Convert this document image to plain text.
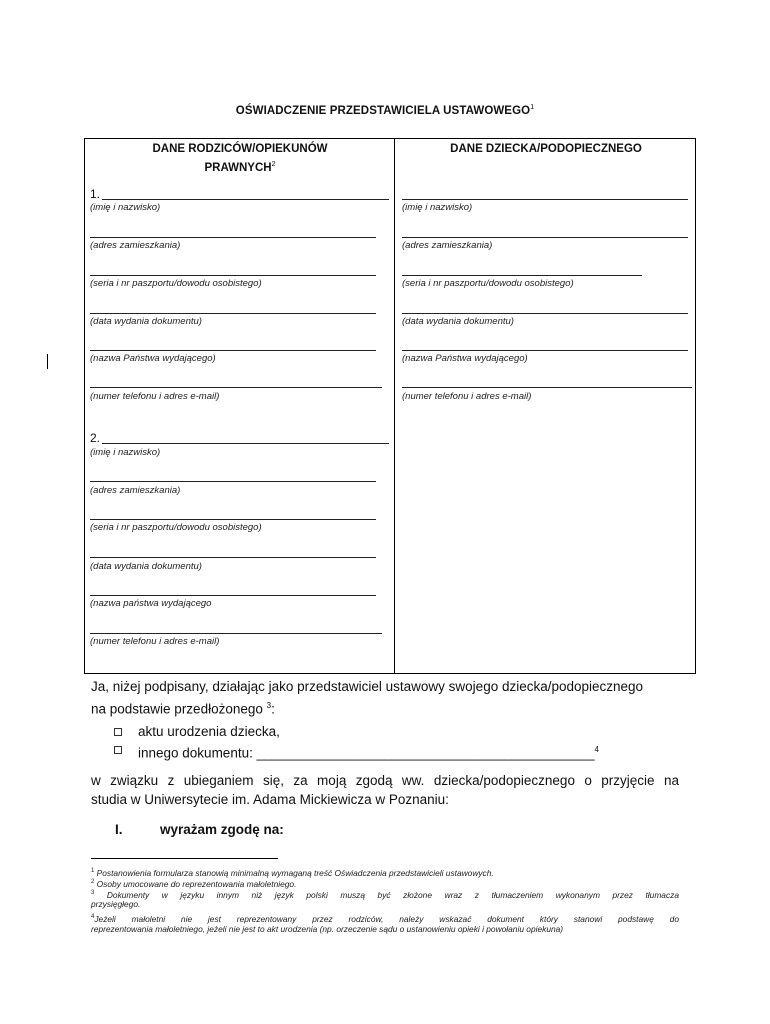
OŚWIADCZENIE PRZEDSTAWICIELA USTAWOWEGO$^1$
DANE RODZICÓW/OPIEKUNÓW
PRAWNYCH$^2$
DANE DZIECKA/PODOPIECZNEGO
1.
(imię i nazwisko)
(adres zamieszkania)
(seria i nr paszportu/dowodu osobistego)
(data wydania dokumentu)
(nazwa Państwa wydającego)
(numer telefonu i adres e-mail)
2.
(imię i nazwisko)
(adres zamieszkania)
(seria i nr paszportu/dowodu osobistego)
(data wydania dokumentu)
(nazwa państwa wydającego
(numer telefonu i adres e-mail)
(imię i nazwisko)
(adres zamieszkania)
(seria i nr paszportu/dowodu osobistego)
(data wydania dokumentu)
(nazwa Państwa wydającego)
(numer telefonu i adres e-mail)
Ja, niżej podpisany, działając jako przedstawiciel ustawowy swojego dziecka/podopiecznego
na podstawie przedłożonego $^3$:
aktu urodzenia dziecka,
innego dokumentu: _____________________________________________$^4$
w związku z ubieganiem się, za moją zgodą ww. dziecka/podopiecznego o przyjęcie na
studia w Uniwersytecie im. Adama Mickiewicza w Poznaniu:
I.	wyrażam zgodę na:
$^1$ Postanowienia formularza stanowią minimalną wymaganą treść Oświadczenia przedstawicieli ustawowych.
$^2$ Osoby umocowane do reprezentowania małoletniego.
$^3$ Dokumenty w języku innym niż język polski muszą być złożone wraz z tłumaczeniem wykonanym przez tłumacza
przysięgłego.
$^4$Jeżeli małoletni nie jest reprezentowany przez rodziców, należy wskazać dokument który stanowi podstawę do
reprezentowania małoletniego, jeżeli nie jest to akt urodzenia (np. orzeczenie sądu o ustanowieniu opieki i powołaniu opiekuna)
